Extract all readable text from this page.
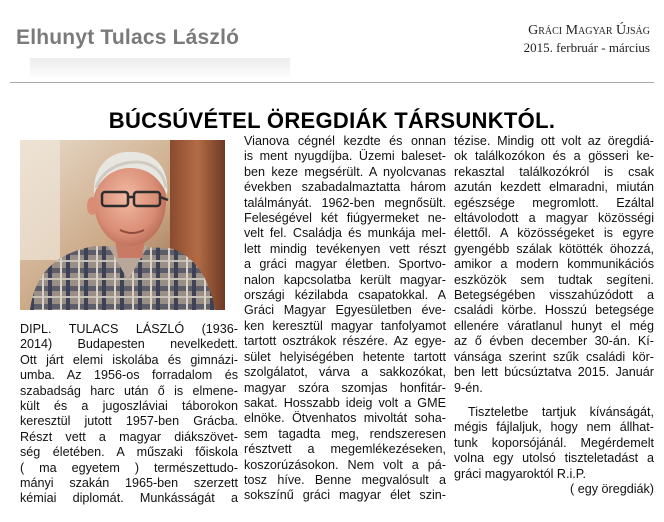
Elhunyt Tulacs László	Gráci Magyar Újság
2015. ferbruár - március
BÚCSÚVÉTEL ÖREGDIÁK TÁRSUNKTÓL.
DIPL. TULACS LÁSZLÓ (1936-
2014) Budapesten nevelkedett.
Ott járt elemi iskolába és gimnázi-
umba. Az 1956-os forradalom és
szabadság harc után ő is elmene-
kült és a jugoszláviai táborokon
keresztül jutott 1957-ben Grácba.
Részt vett a magyar diákszövet-
ség életében. A műszaki főiskola
( ma egyetem ) természettudo-
mányi szakán 1965-ben szerzett
kémiai diplomát. Munkásságát a
Vianova cégnél kezdte és onnan
is ment nyugdíjba. Üzemi baleset-
ben keze megsérült. A nyolcvanas
években szabadalmaztatta három
találmányát. 1962-ben megnősült.
Feleségével két fiúgyermeket ne-
velt fel. Családja és munkája mel-
lett mindig tevékenyen vett részt
a gráci magyar életben. Sportvo-
nalon kapcsolatba került magyar-
országi kézilabda csapatokkal. A
Gráci Magyar Egyesületben éve-
ken keresztül magyar tanfolyamot
tartott osztrákok részére. Az egye-
sület helyiségében hetente tartott
szolgálatot, várva a sakkozókat,
magyar szóra szomjas honfitár-
sakat. Hosszabb ideig volt a GME
elnöke. Ötvenhatos mivoltát soha-
sem tagadta meg, rendszeresen
résztvett a megemlékezéseken,
koszorúzásokon. Nem volt a pá-
tosz híve. Benne megvalósult a
sokszínű gráci magyar élet szin-
tézise. Mindig ott volt az öregdiá-
ok találkozókon és a gösseri ke-
rekasztal találkozókról is csak
azután kezdett elmaradni, miután
egészsége megromlott. Ezáltal
eltávolodott a magyar közösségi
élettől. A közösségeket is egyre
gyengébb szálak kötötték öhozzá,
amikor a modern kommunikációs
eszközök sem tudtak segíteni.
Betegségében visszahúzódott a
családi körbe. Hosszú betegsége
ellenére váratlanul hunyt el még
az ő évben december 30-án. Kí-
vánsága szerint szűk családi kör-
ben lett búcsúztatva 2015. Január
9-én.
Tiszteletbe tartjuk kívánságát,
mégis fájlaljuk, hogy nem állhat-
tunk koporsójánál. Megérdemelt
volna egy utolsó tiszteletadást a
gráci magyaroktól R.i.P.
( egy öregdiák)
